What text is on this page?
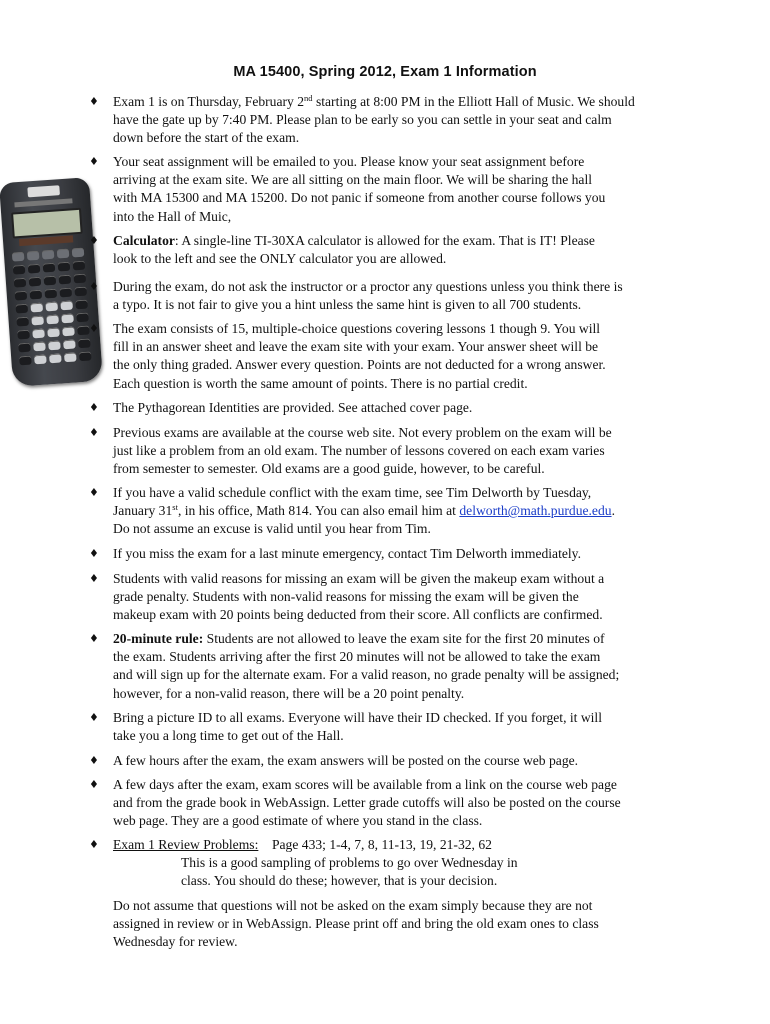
MA 15400, Spring 2012, Exam 1 Information
♦ Exam 1 is on Thursday, February 2nd starting at 8:00 PM in the Elliott Hall of Music. We should
have the gate up by 7:40 PM. Please plan to be early so you can settle in your seat and calm
down before the start of the exam.
♦ Your seat assignment will be emailed to you. Please know your seat assignment before
arriving at the exam site. We are all sitting on the main floor. We will be sharing the hall
with MA 15300 and MA 15200. Do not panic if someone from another course follows you
into the Hall of Muic,
♦ Calculator: A single-line TI-30XA calculator is allowed for the exam. That is IT! Please
look to the left and see the ONLY calculator you are allowed.
♦ During the exam, do not ask the instructor or a proctor any questions unless you think there is
a typo. It is not fair to give you a hint unless the same hint is given to all 700 students.
♦ The exam consists of 15, multiple-choice questions covering lessons 1 though 9. You will
fill in an answer sheet and leave the exam site with your exam. Your answer sheet will be
the only thing graded. Answer every question. Points are not deducted for a wrong answer.
Each question is worth the same amount of points. There is no partial credit.
♦ The Pythagorean Identities are provided. See attached cover page.
♦ Previous exams are available at the course web site. Not every problem on the exam will be
just like a problem from an old exam. The number of lessons covered on each exam varies
from semester to semester. Old exams are a good guide, however, to be careful.
♦ If you have a valid schedule conflict with the exam time, see Tim Delworth by Tuesday,
January 31st, in his office, Math 814. You can also email him at delworth@math.purdue.edu.
Do not assume an excuse is valid until you hear from Tim.
♦ If you miss the exam for a last minute emergency, contact Tim Delworth immediately.
♦ Students with valid reasons for missing an exam will be given the makeup exam without a
grade penalty. Students with non-valid reasons for missing the exam will be given the
makeup exam with 20 points being deducted from their score. All conflicts are confirmed.
♦ 20-minute rule: Students are not allowed to leave the exam site for the first 20 minutes of
the exam. Students arriving after the first 20 minutes will not be allowed to take the exam
and will sign up for the alternate exam. For a valid reason, no grade penalty will be assigned;
however, for a non-valid reason, there will be a 20 point penalty.
♦ Bring a picture ID to all exams. Everyone will have their ID checked. If you forget, it will
take you a long time to get out of the Hall.
♦ A few hours after the exam, the exam answers will be posted on the course web page.
♦ A few days after the exam, exam scores will be available from a link on the course web page
and from the grade book in WebAssign. Letter grade cutoffs will also be posted on the course
web page. They are a good estimate of where you stand in the class.
♦ Exam 1 Review Problems:    Page 433; 1-4, 7, 8, 11-13, 19, 21-32, 62
This is a good sampling of problems to go over Wednesday in
class. You should do these; however, that is your decision.
Do not assume that questions will not be asked on the exam simply because they are not
assigned in review or in WebAssign. Please print off and bring the old exam ones to class
Wednesday for review.
